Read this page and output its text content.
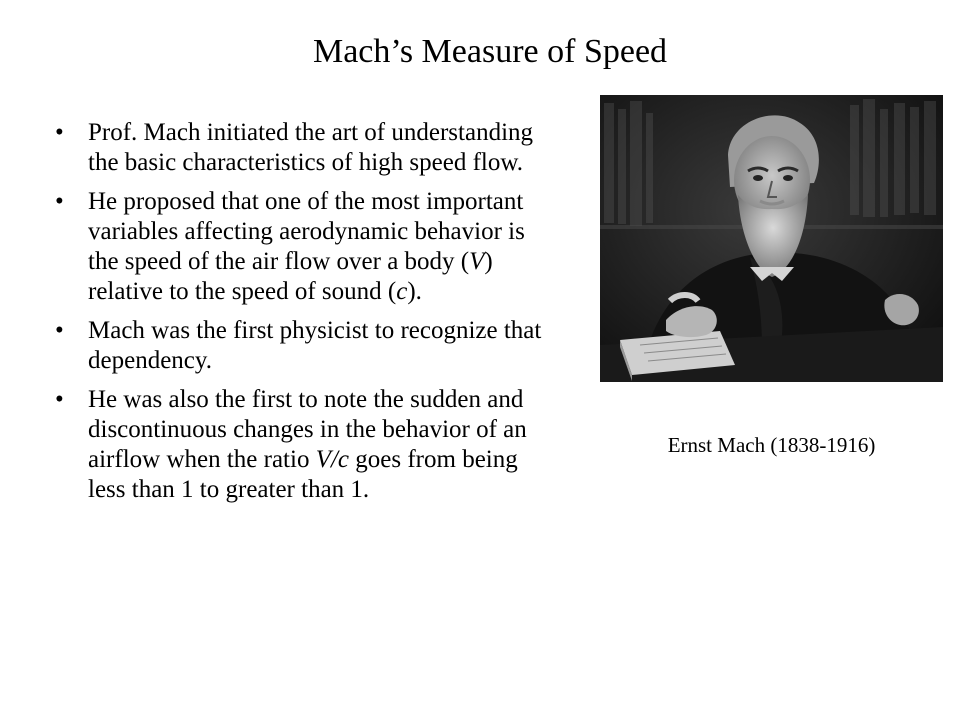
Mach’s Measure of Speed
• Prof. Mach initiated the art of understanding the basic characteristics of high speed flow.
• He proposed that one of the most important variables affecting aerodynamic behavior is the speed of the air flow over a body (V) relative to the speed of sound (c).
• Mach was the first physicist to recognize that dependency.
• He was also the first to note the sudden and discontinuous changes in the behavior of an airflow when the ratio V/c goes from being less than 1 to greater than 1.
Ernst Mach (1838-1916)
